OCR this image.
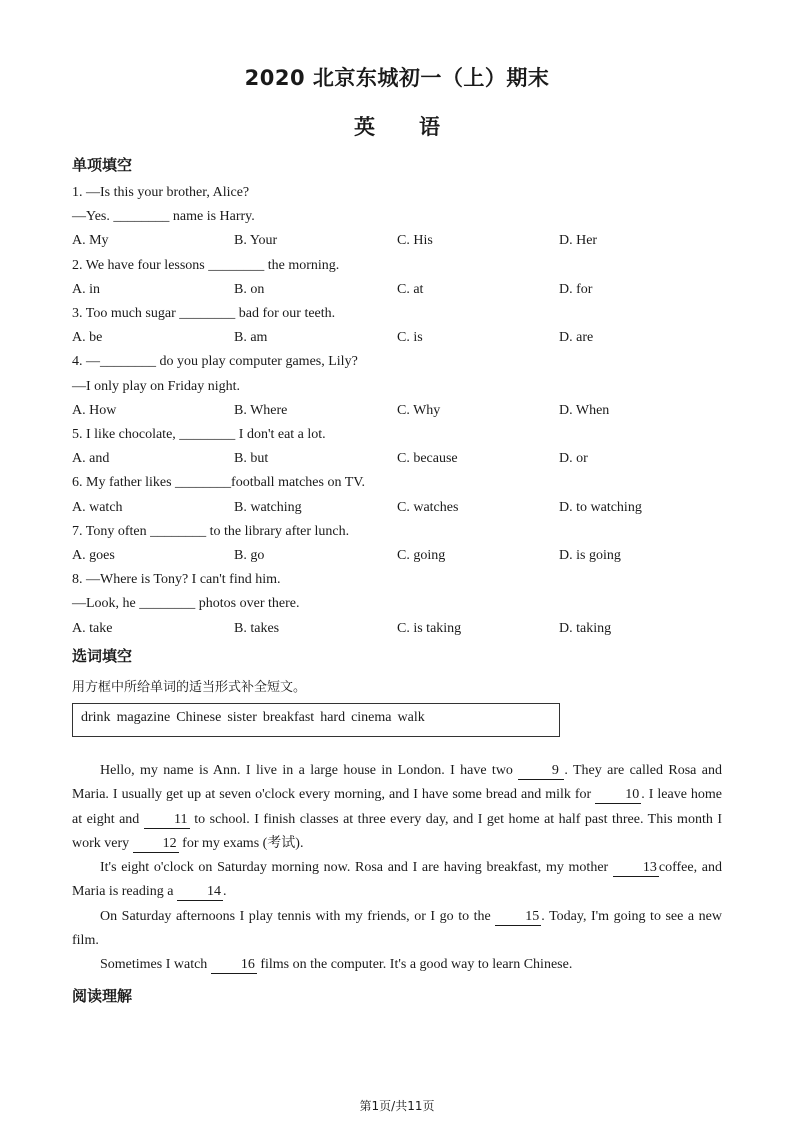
2020 北京东城初一（上）期末
英语
单项填空
1. —Is this your brother, Alice?
—Yes. ________ name is Harry.
A. My	B. Your	C. His	D. Her
2. We have four lessons ________ the morning.
A. in	B. on	C. at	D. for
3. Too much sugar ________ bad for our teeth.
A. be	B. am	C. is	D. are
4. —________ do you play computer games, Lily?
—I only play on Friday night.
A. How	B. Where	C. Why	D. When
5. I like chocolate, ________ I don't eat a lot.
A. and	B. but	C. because	D. or
6. My father likes ________football matches on TV.
A. watch	B. watching	C. watches	D. to watching
7. Tony often ________ to the library after lunch.
A. goes	B. go	C. going	D. is going
8. —Where is Tony? I can't find him.
—Look, he ________ photos over there.
A. take	B. takes	C. is taking	D. taking
选词填空
用方框中所给单词的适当形式补全短文。
drink magazine Chinese sister breakfast hard cinema walk

Hello, my name is Ann. I live in a large house in London. I have two 9 . They are called Rosa and Maria. I usually get up at seven o'clock every morning, and I have some bread and milk for 10 . I leave home at eight and 11 to school. I finish classes at three every day, and I get home at half past three. This month I work very 12 for my exams (考试).

It's eight o'clock on Saturday morning now. Rosa and I are having breakfast, my mother 13 coffee, and Maria is reading a 14 .

On Saturday afternoons I play tennis with my friends, or I go to the 15 . Today, I'm going to see a new film.

Sometimes I watch 16 films on the computer. It's a good way to learn Chinese.

阅读理解
第1页/共11页
